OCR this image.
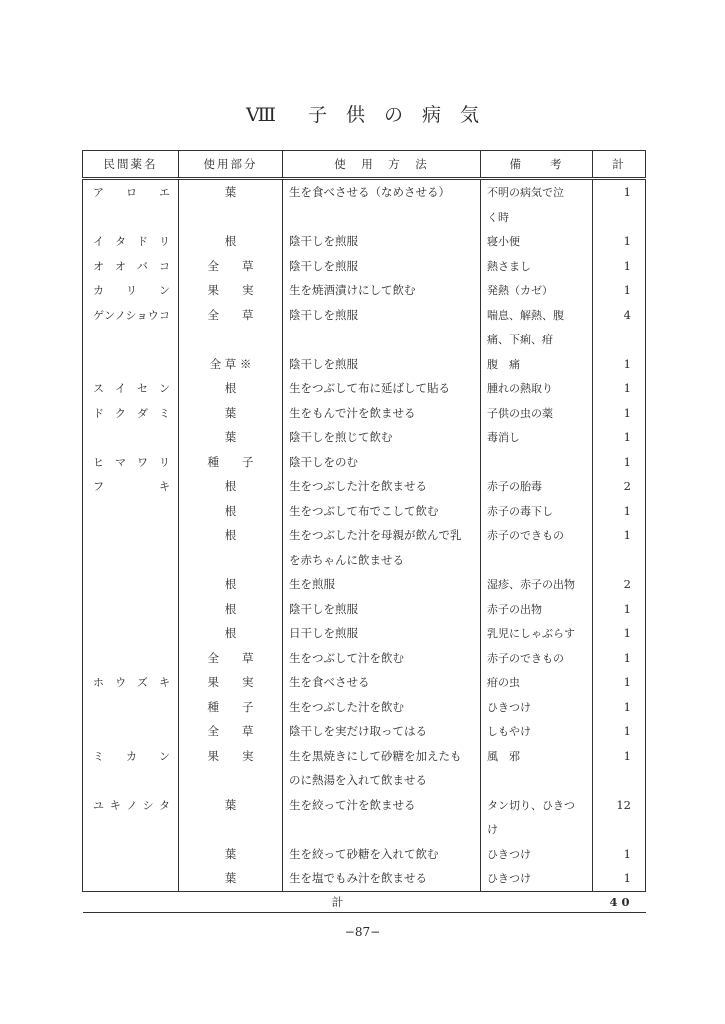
Ⅷ 子　供　の　病　気
民間薬名	使用部分	使　用　方　法	備　　考	計
アロエ	葉	生を食べさせる（なめさせる）	不明の病気で泣	1
			く時	
イタドリ	根	陰干しを煎服	寝小便	1
オオバコ	全　　草	陰干しを煎服	熱さまし	1
カリン	果　　実	生を焼酒漬けにして飲む	発熱（カゼ）	1
ゲンノショウコ	全　　草	陰干しを煎服	喘息、解熱、腹	4
			痛、下痢、疳	
	全 草 ※	陰干しを煎服	腹　痛	1
スイセン	根	生をつぶして布に延ばして貼る	腫れの熱取り	1
ドクダミ	葉	生をもんで汁を飲ませる	子供の虫の薬	1
	葉	陰干しを煎じて飲む	毒消し	1
ヒマワリ	種　　子	陰干しをのむ		1
フキ	根	生をつぶした汁を飲ませる	赤子の胎毒	2
	根	生をつぶして布でこして飲む	赤子の毒下し	1
	根	生をつぶした汁を母親が飲んで乳	赤子のできもの	1
		を赤ちゃんに飲ませる		
	根	生を煎服	湿疹、赤子の出物	2
	根	陰干しを煎服	赤子の出物	1
	根	日干しを煎服	乳児にしゃぶらす	1
	全　　草	生をつぶして汁を飲む	赤子のできもの	1
ホウズキ	果　　実	生を食べさせる	疳の虫	1
	種　　子	生をつぶした汁を飲む	ひきつけ	1
	全　　草	陰干しを実だけ取ってはる	しもやけ	1
ミカン	果　　実	生を黒焼きにして砂糖を加えたも	風　邪	1
		のに熱湯を入れて飲ませる		
ユキノシタ	葉	生を絞って汁を飲ませる	タン切り、ひきつ	12
			け	
	葉	生を絞って砂糖を入れて飲む	ひきつけ	1
	葉	生を塩でもみ汁を飲ませる	ひきつけ	1
計				40
−87−
